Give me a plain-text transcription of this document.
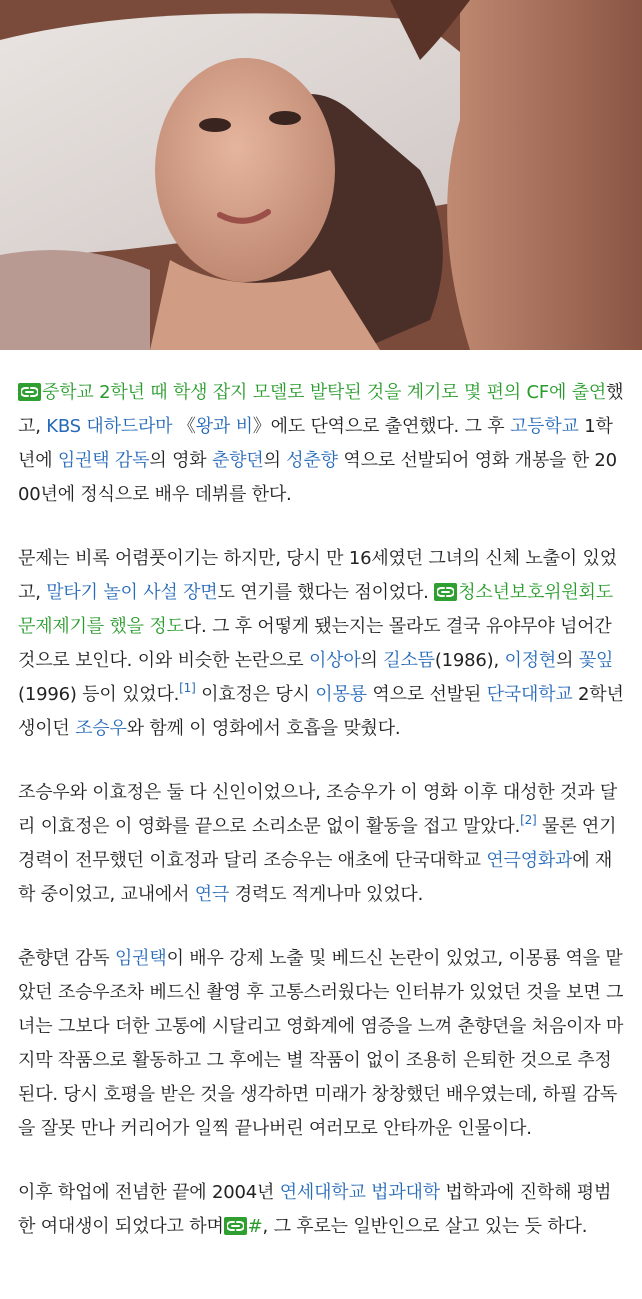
중학교 2학년 때 학생 잡지 모델로 발탁된 것을 계기로 몇 편의 CF에 출연했고, KBS 대하드라마 《왕과 비》에도 단역으로 출연했다. 그 후 고등학교 1학년에 임권택 감독의 영화 춘향뎐의 성춘향 역으로 선발되어 영화 개봉을 한 2000년에 정식으로 배우 데뷔를 한다.

문제는 비록 어렴풋이기는 하지만, 당시 만 16세였던 그녀의 신체 노출이 있었고, 말타기 놀이 사설 장면도 연기를 했다는 점이었다.
청소년보호위원회도 문제제기를 했을 정도다. 그 후 어떻게 됐는지는 몰라도 결국 유야무야 넘어간 것으로 보인다. 이와 비슷한 논란으로 이상아의 길소뜸(1986), 이정현의 꽃잎(1996) 등이 있었다.[1] 이효정은 당시 이몽룡 역으로 선발된 단국대학교 2학년 생이던 조승우와 함께 이 영화에서 호흡을 맞췄다.

조승우와 이효정은 둘 다 신인이었으나, 조승우가 이 영화 이후 대성한 것과 달리 이효정은 이 영화를 끝으로 소리소문 없이 활동을 접고 말았다.[2] 물론 연기 경력이 전무했던 이효정과 달리 조승우는 애초에 단국대학교 연극영화과에 재학 중이었고, 교내에서 연극 경력도 적게나마 있었다.

춘향뎐 감독 임권택이 배우 강제 노출 및 베드신 논란이 있었고, 이몽룡 역을 맡았던 조승우조차 베드신 촬영 후 고통스러웠다는 인터뷰가 있었던 것을 보면 그녀는 그보다 더한 고통에 시달리고 영화계에 염증을 느껴 춘향뎐을 처음이자 마지막 작품으로 활동하고 그 후에는 별 작품이 없이 조용히 은퇴한 것으로 추정된다. 당시 호평을 받은 것을 생각하면 미래가 창창했던 배우였는데, 하필 감독을 잘못 만나 커리어가 일찍 끝나버린 여러모로 안타까운 인물이다.

이후 학업에 전념한 끝에 2004년 연세대학교 법과대학 법학과에 진학해 평범한 여대생이 되었다고 하며 #, 그 후로는 일반인으로 살고 있는 듯 하다.
